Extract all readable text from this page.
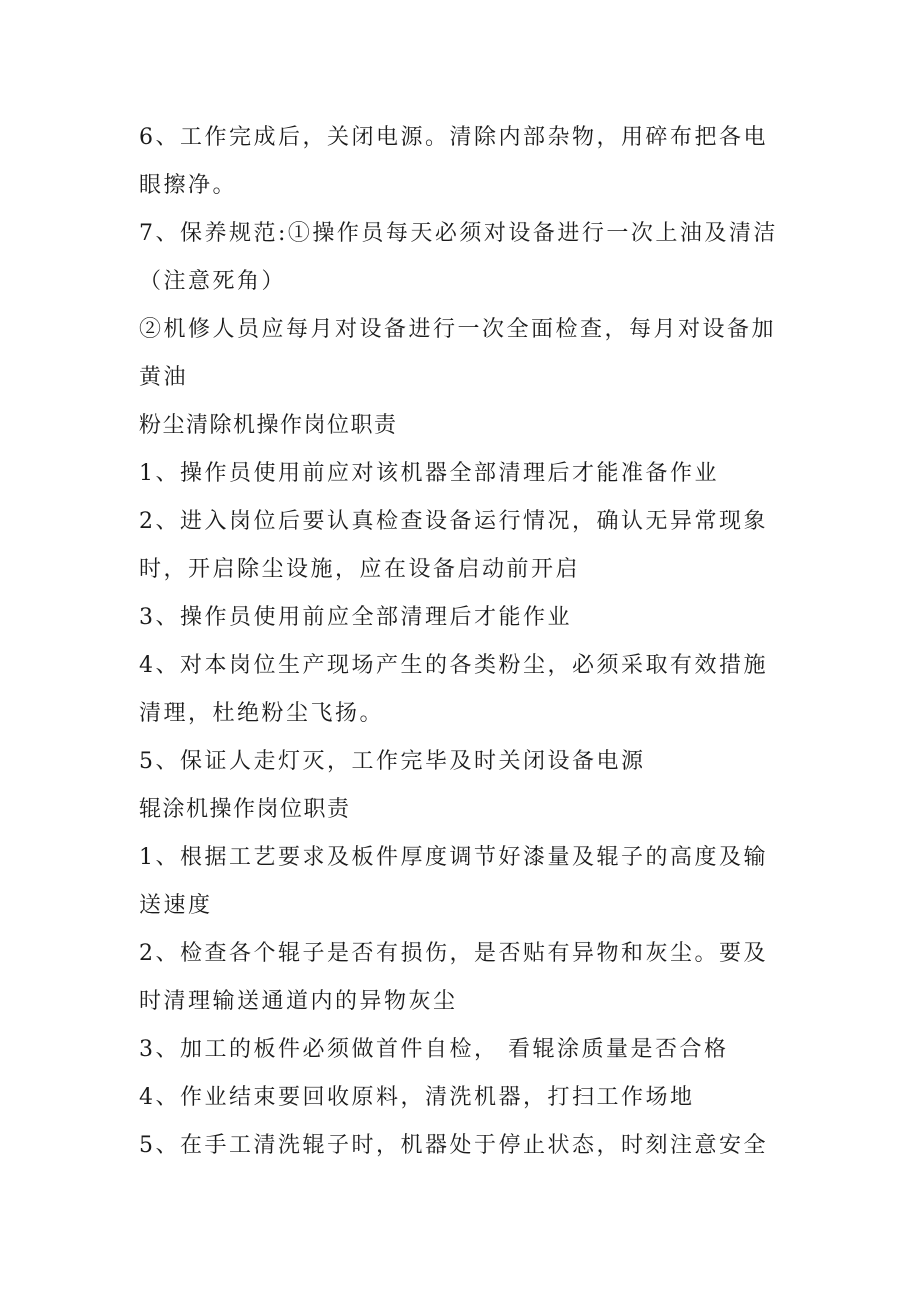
6、工作完成后，关闭电源。清除内部杂物，用碎布把各电眼擦净。

7、保养规范:①操作员每天必须对设备进行一次上油及清洁（注意死角）

②机修人员应每月对设备进行一次全面检查，每月对设备加黄油

粉尘清除机操作岗位职责

1、操作员使用前应对该机器全部清理后才能准备作业

2、进入岗位后要认真检查设备运行情况，确认无异常现象时，开启除尘设施，应在设备启动前开启

3、操作员使用前应全部清理后才能作业

4、对本岗位生产现场产生的各类粉尘，必须采取有效措施清理，杜绝粉尘飞扬。

5、保证人走灯灭，工作完毕及时关闭设备电源

辊涂机操作岗位职责

1、根据工艺要求及板件厚度调节好漆量及辊子的高度及输送速度

2、检查各个辊子是否有损伤，是否贴有异物和灰尘。要及时清理输送通道内的异物灰尘

3、加工的板件必须做首件自检， 看辊涂质量是否合格

4、作业结束要回收原料，清洗机器，打扫工作场地

5、在手工清洗辊子时，机器处于停止状态，时刻注意安全
